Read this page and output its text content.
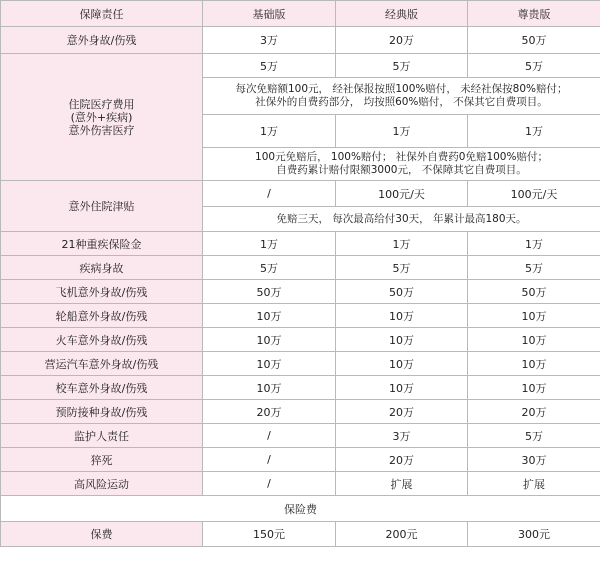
保障责任	基础版	经典版	尊贵版
意外身故/伤残	3万	20万	50万

住院医疗费用
(意外+疾病)
意外伤害医疗	5万	5万	5万

	每次免赔额100元， 经社保报按照100%赔付， 未经社保按80%赔付；
社保外的自费药部分， 均按照60%赔付， 不保其它自费项目。		

	1万	1万	1万

	100元免赔后， 100%赔付； 社保外自费药0免赔100%赔付；
自费药累计赔付限额3000元， 不保障其它自费项目。		

意外住院津贴	/	100元/天	100元/天
	免赔三天， 每次最高给付30天， 年累计最高180天。		
21种重疾保险金	1万	1万	1万
疾病身故	5万	5万	5万
飞机意外身故/伤残	50万	50万	50万
轮船意外身故/伤残	10万	10万	10万
火车意外身故/伤残	10万	10万	10万
营运汽车意外身故/伤残	10万	10万	10万
校车意外身故/伤残	10万	10万	10万
预防接种身故/伤残	20万	20万	20万
监护人责任	/	3万	5万
猝死	/	20万	30万
高风险运动	/	扩展	扩展
保险费			
保费	150元	200元	300元
